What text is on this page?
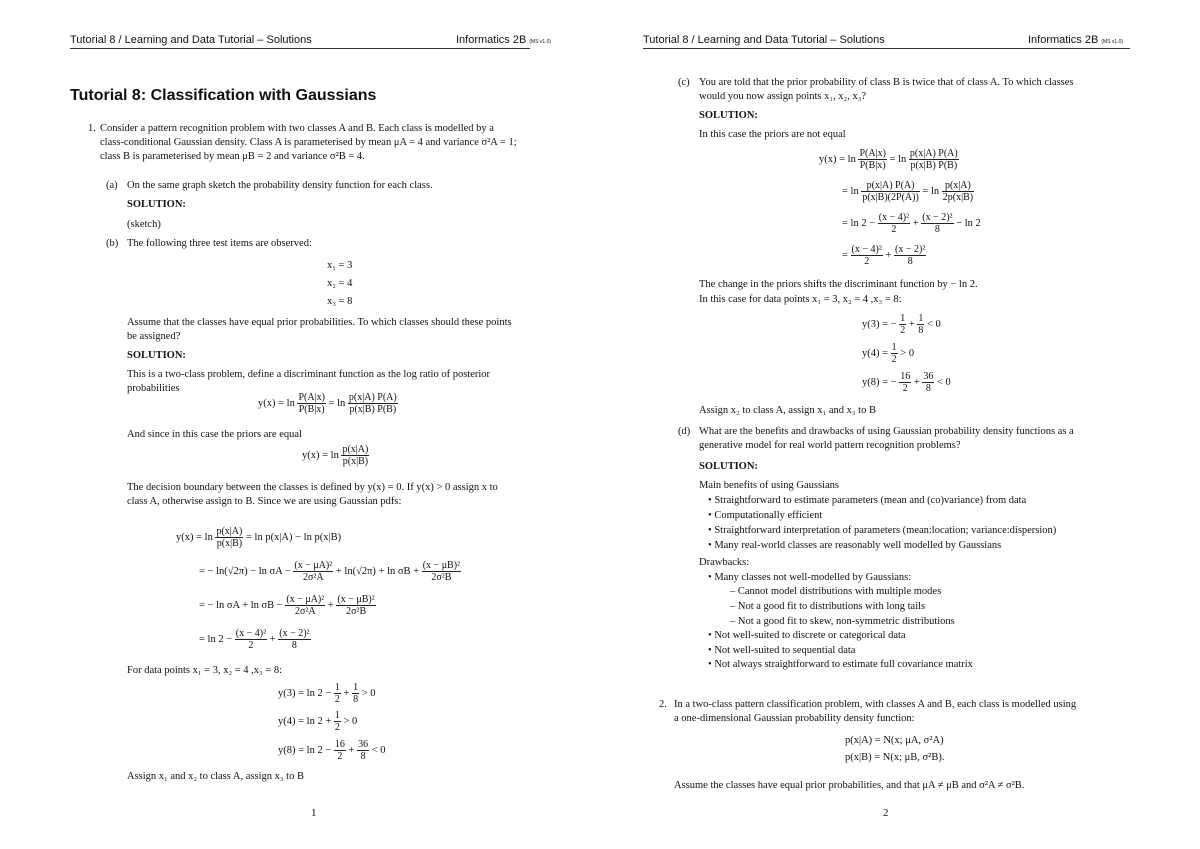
Tutorial 8 / Learning and Data Tutorial – Solutions	Informatics 2B (MS v1.0)
Tutorial 8: Classification with Gaussians
1. Consider a pattern recognition problem with two classes A and B. Each class is modelled by a
class-conditional Gaussian density. Class A is parameterised by mean μA = 4 and variance σ²A = 1;
class B is parameterised by mean μB = 2 and variance σ²B = 4.
(a) On the same graph sketch the probability density function for each class.
SOLUTION:
(sketch)
(b) The following three test items are observed:
x₁ = 3
x₂ = 4
x₃ = 8
Assume that the classes have equal prior probabilities. To which classes should these points
be assigned?
SOLUTION:
This is a two-class problem, define a discriminant function as the log ratio of posterior
probabilities
$y(x) = \ln \frac{P(A|x)}{P(B|x)} = \ln \frac{p(x|A) P(A)}{p(x|B) P(B)}$
And since in this case the priors are equal
$y(x) = \ln \frac{p(x|A)}{p(x|B)}$
The decision boundary between the classes is defined by y(x) = 0. If y(x) > 0 assign x to
class A, otherwise assign to B. Since we are using Gaussian pdfs:
$y(x) = \ln \frac{p(x|A)}{p(x|B)} = \ln p(x|A) - \ln p(x|B)$
= − $\ln(√2\pi) - \ln \sigma A - \frac{\text{(x − μA)²}}{\text{2σ²A}} + \ln(√2\pi) + \ln \sigma B + \frac{\text{(x − μB)²}}{\text{2σ²B}}$
= − $\ln \sigma A + \ln \sigma B - \frac{\text{(x − μA)²}}{\text{2σ²A}} + \frac{\text{(x − μB)²}}{\text{2σ²B}}$
= $\ln 2 - \frac{\text{(x − 4)²}}{2} + \frac{\text{(x − 2)²}}{8}$
For data points x₁ = 3, x₂ = 4 ,x₃ = 8:
$y(3) = \ln 2 - \frac{1}{2} + \frac{1}{8} > 0$
$y(4) = \ln 2 + \frac{1}{2} > 0$
$y(8) = \ln 2 - \frac{16}{2} + \frac{36}{8} < 0$
Assign x₁ and x₂ to class A, assign x₃ to B
1
Tutorial 8 / Learning and Data Tutorial – Solutions	Informatics 2B (MS v1.0)
(c) You are told that the prior probability of class B is twice that of class A. To which classes
would you now assign points x₁, x₂, x₃?
SOLUTION:
In this case the priors are not equal
$y(x) = \ln \frac{P(A|x)}{P(B|x)} = \ln \frac{p(x|A) P(A)}{p(x|B) P(B)}$
= $\ln \frac{p(x|A) P(A)}{p(x|B)(2P(A))} = \ln \frac{p(x|A)}{2p(x|B)}$
= $\ln 2 - \frac{\text{(x − 4)²}}{2} + \frac{\text{(x − 2)²}}{8} - \ln 2$
= $\frac{\text{(x − 4)²}}{2} + \frac{\text{(x − 2)²}}{8}$
The change in the priors shifts the discriminant function by − ln 2.
In this case for data points x₁ = 3, x₂ = 4 ,x₃ = 8:
y(3) = − $\frac{1}{2} + \frac{1}{8} < 0$
$y(4) = \frac{1}{2} > 0$
y(8) = − $\frac{16}{2} + \frac{36}{8} < 0$
Assign x₂ to class A, assign x₁ and x₃ to B
(d) What are the benefits and drawbacks of using Gaussian probability density functions as a
generative model for real world pattern recognition problems?
SOLUTION:
Main benefits of using Gaussians
• Straightforward to estimate parameters (mean and (co)variance) from data
• Computationally efficient
• Straightforward interpretation of parameters (mean:location; variance:dispersion)
• Many real-world classes are reasonably well modelled by Gaussians
Drawbacks:
• Many classes not well-modelled by Gaussians:
– Cannot model distributions with multiple modes
– Not a good fit to distributions with long tails
– Not a good fit to skew, non-symmetric distributions
• Not well-suited to discrete or categorical data
• Not well-suited to sequential data
• Not always straightforward to estimate full covariance matrix
2. In a two-class pattern classification problem, with classes A and B, each class is modelled using
a one-dimensional Gaussian probability density function:
p(x|A) = N(x; μA, σ²A)
p(x|B) = N(x; μB, σ²B).
Assume the classes have equal prior probabilities, and that μA ≠ μB and σ²A ≠ σ²B.
2
